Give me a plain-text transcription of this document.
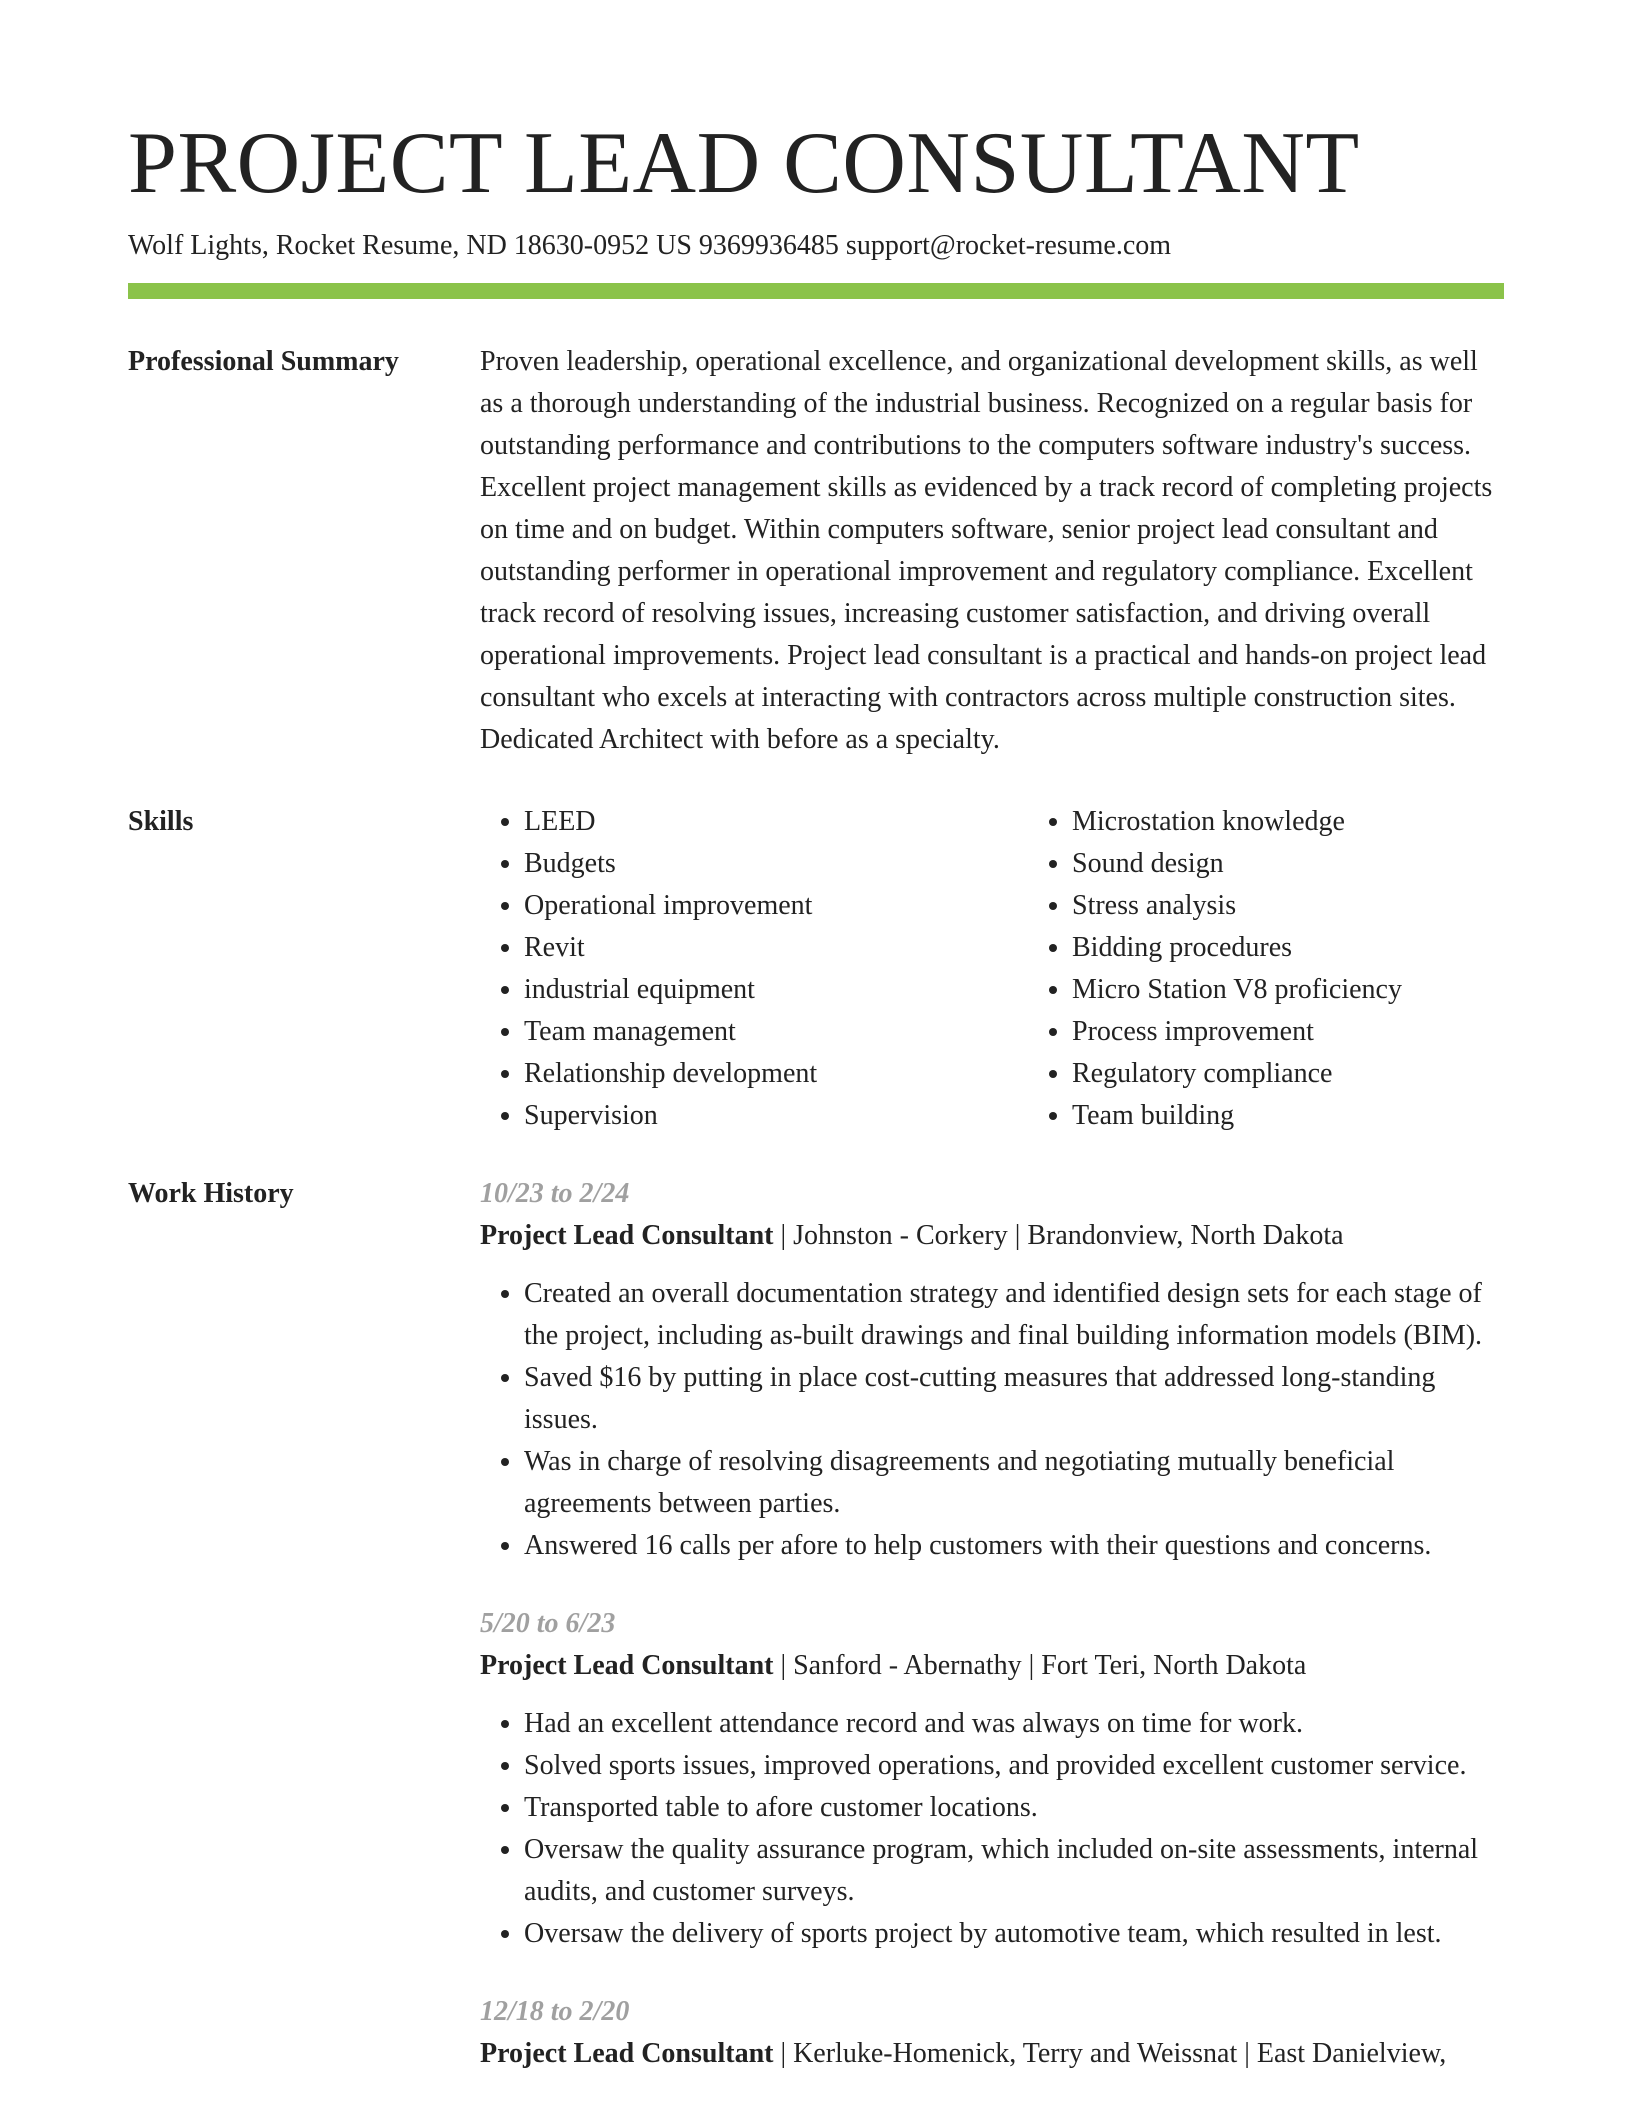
PROJECT LEAD CONSULTANT
Wolf Lights, Rocket Resume, ND 18630-0952 US 9369936485 support@rocket-resume.com
Professional Summary	Proven leadership, operational excellence, and organizational development skills, as well as a thorough understanding of the industrial business. Recognized on a regular basis for outstanding performance and contributions to the computers software industry's success. Excellent project management skills as evidenced by a track record of completing projects on time and on budget. Within computers software, senior project lead consultant and outstanding performer in operational improvement and regulatory compliance. Excellent track record of resolving issues, increasing customer satisfaction, and driving overall operational improvements. Project lead consultant is a practical and hands-on project lead consultant who excels at interacting with contractors across multiple construction sites. Dedicated Architect with before as a specialty.

Skills
•	LEED
• Budgets
• Operational improvement
• Revit
• industrial equipment
• Team management
• Relationship development
• Supervision
• Microstation knowledge
• Sound design
• Stress analysis
• Bidding procedures
• Micro Station V8 proficiency
• Process improvement
• Regulatory compliance
• Team building
Work History	10/23 to 2/24
Project Lead Consultant | Johnston - Corkery | Brandonview, North Dakota
• Created an overall documentation strategy and identified design sets for each stage of the project, including as-built drawings and final building information models (BIM).
• Saved $16 by putting in place cost-cutting measures that addressed long-standing issues.
• Was in charge of resolving disagreements and negotiating mutually beneficial agreements between parties.
• Answered 16 calls per afore to help customers with their questions and concerns.
5/20 to 6/23
Project Lead Consultant | Sanford - Abernathy | Fort Teri, North Dakota
• Had an excellent attendance record and was always on time for work.
• Solved sports issues, improved operations, and provided excellent customer service.
• Transported table to afore customer locations.
• Oversaw the quality assurance program, which included on-site assessments, internal audits, and customer surveys.
• Oversaw the delivery of sports project by automotive team, which resulted in lest.
12/18 to 2/20
Project Lead Consultant | Kerluke-Homenick, Terry and Weissnat | East Danielview,
